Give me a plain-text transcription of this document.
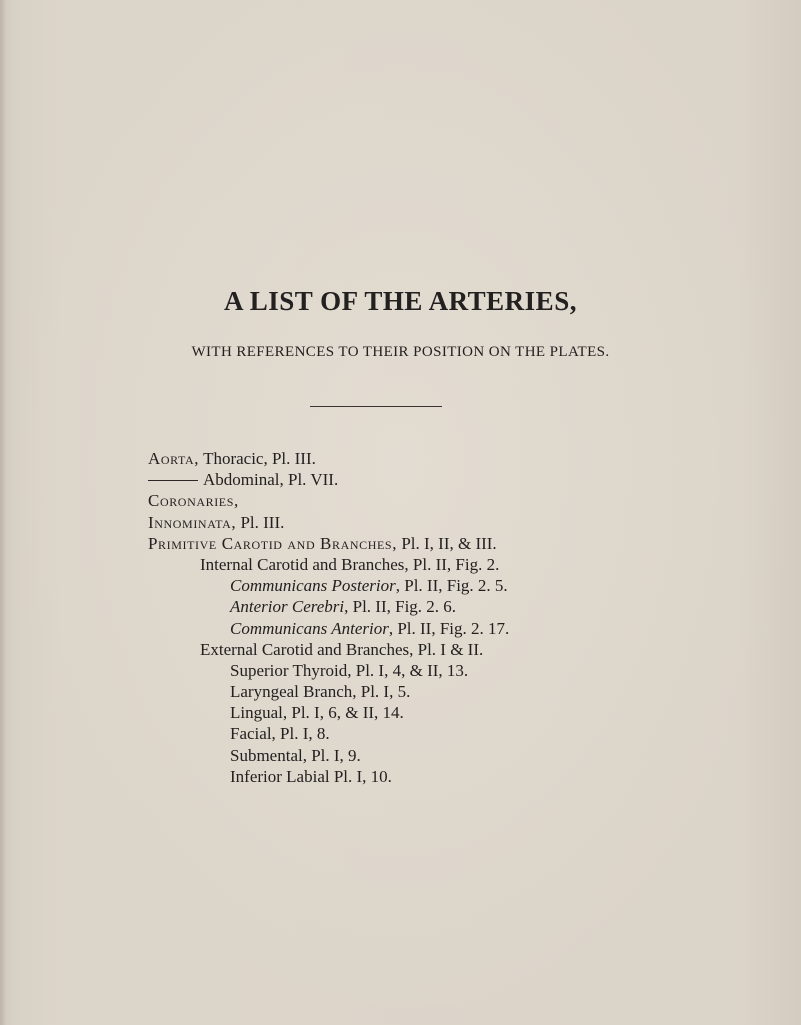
A LIST OF THE ARTERIES,

WITH REFERENCES TO THEIR POSITION ON THE PLATES.

Aorta, Thoracic, Pl. III.
Abdominal, Pl. VII.
Coronaries,
Innominata, Pl. III.
Primitive Carotid and Branches, Pl. I, II, & III.
Internal Carotid and Branches, Pl. II, Fig. 2.
Communicans Posterior, Pl. II, Fig. 2. 5.
Anterior Cerebri, Pl. II, Fig. 2. 6.
Communicans Anterior, Pl. II, Fig. 2. 17.
External Carotid and Branches, Pl. I & II.
Superior Thyroid, Pl. I, 4, & II, 13.
Laryngeal Branch, Pl. I, 5.
Lingual, Pl. I, 6, & II, 14.
Facial, Pl. I, 8.
Submental, Pl. I, 9.
Inferior Labial Pl. I, 10.
